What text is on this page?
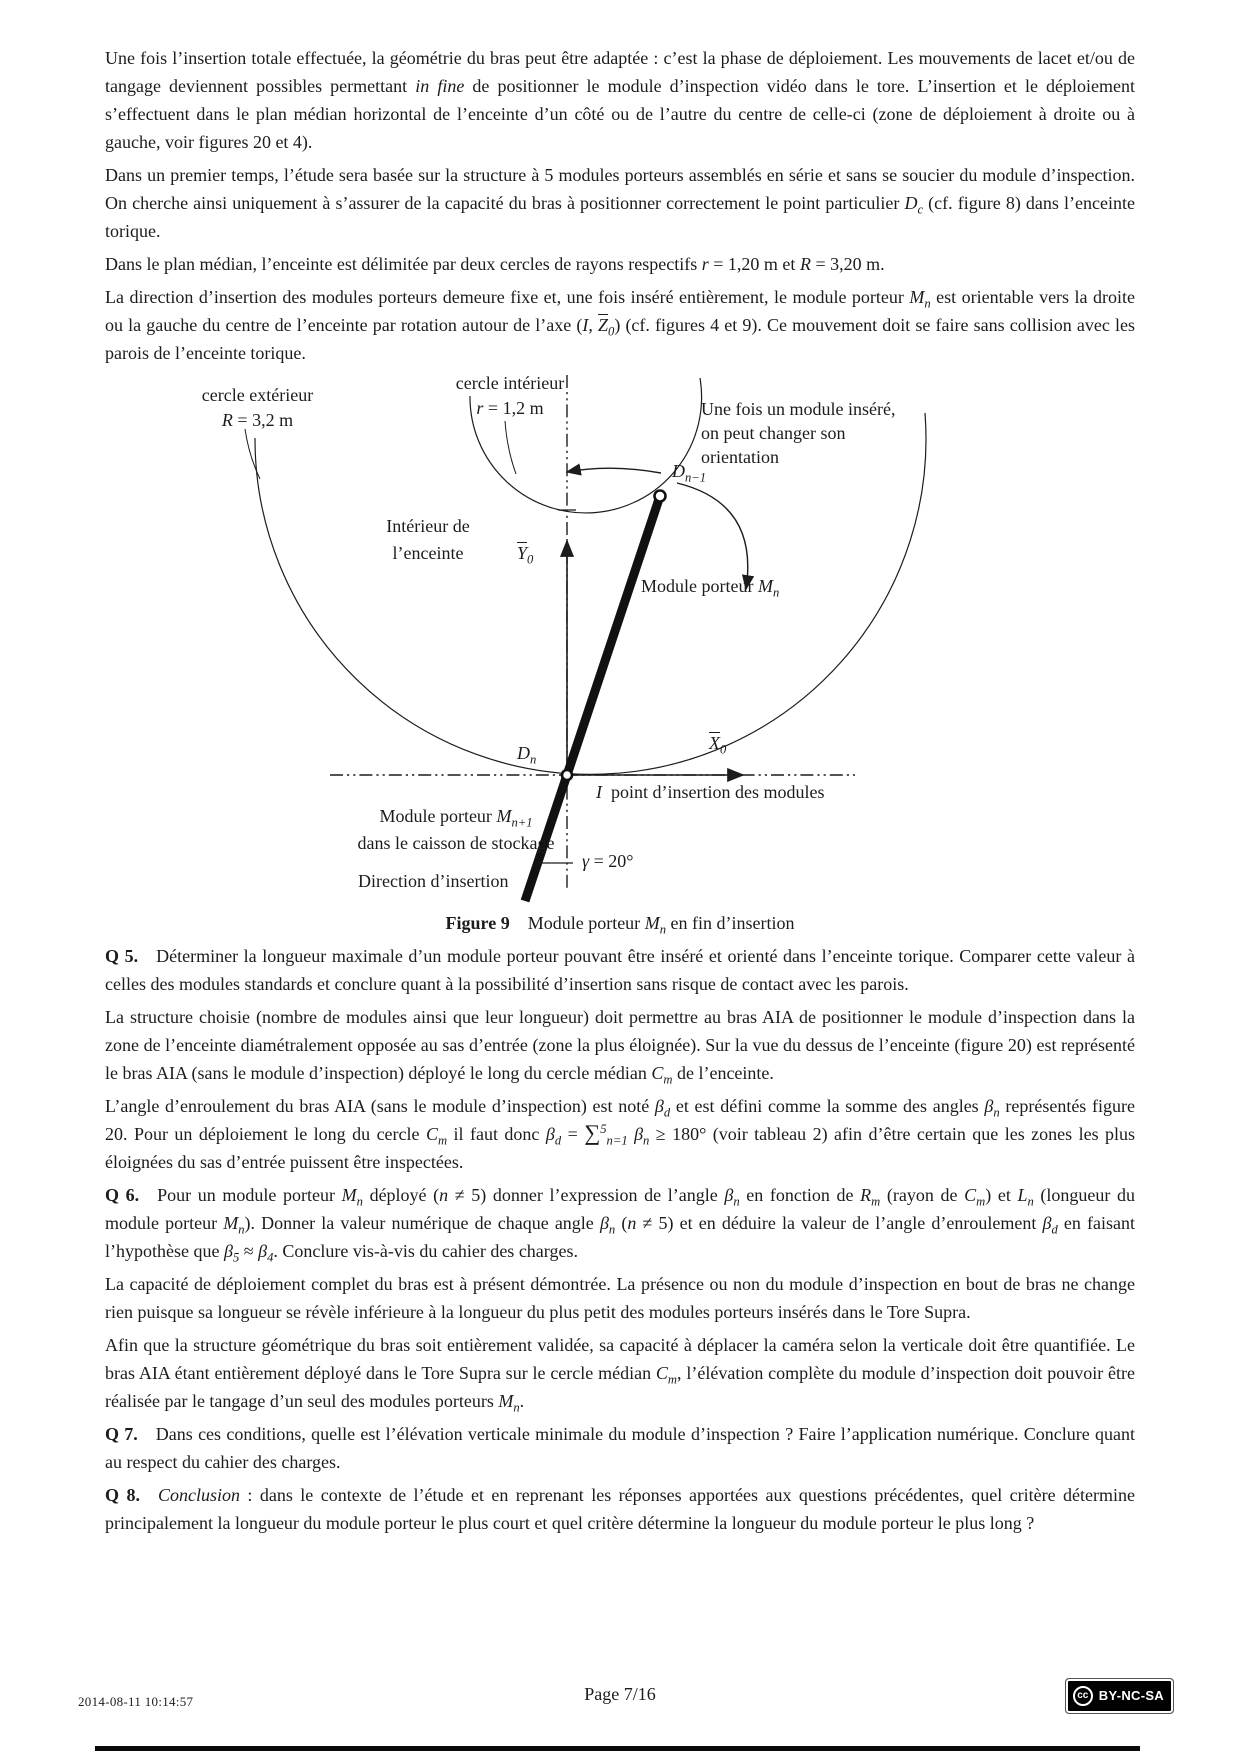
Une fois l’insertion totale effectuée, la géométrie du bras peut être adaptée : c’est la phase de déploiement. Les mouvements de lacet et/ou de tangage deviennent possibles permettant in fine de positionner le module d’inspection vidéo dans le tore. L’insertion et le déploiement s’effectuent dans le plan médian horizontal de l’enceinte d’un côté ou de l’autre du centre de celle-ci (zone de déploiement à droite ou à gauche, voir figures 20 et 4).

Dans un premier temps, l’étude sera basée sur la structure à 5 modules porteurs assemblés en série et sans se soucier du module d’inspection. On cherche ainsi uniquement à s’assurer de la capacité du bras à positionner correctement le point particulier $D_c$ (cf. figure 8) dans l’enceinte torique.

Dans le plan médian, l’enceinte est délimitée par deux cercles de rayons respectifs r = 1,20 m et R = 3,20 m.

La direction d’insertion des modules porteurs demeure fixe et, une fois inséré entièrement, le module porteur $M_n$ est orientable vers la droite ou la gauche du centre de l’enceinte par rotation autour de l’axe (I, $\overline{Z}_0$) (cf. figures 4 et 9). Ce mouvement doit se faire sans collision avec les parois de l’enceinte torique.

cercle extérieur
R = 3,2 m
cercle intérieur
r = 1,2 m	Une fois un module inséré, on peut changer son orientation
Intérieur de
l’enceinte
$D_{n-1}$
$\overline{Y}_0$
$\overline{X}_0$
Module porteur $M_n$
$D_n$
I point d’insertion des modules
Module porteur $M_{n+1}$
dans le caisson de stockage
γ = 20°
Direction d’insertion

Figure 9  Module porteur $M_n$ en fin d’insertion

Q 5. Déterminer la longueur maximale d’un module porteur pouvant être inséré et orienté dans l’enceinte torique. Comparer cette valeur à celles des modules standards et conclure quant à la possibilité d’insertion sans risque de contact avec les parois.

La structure choisie (nombre de modules ainsi que leur longueur) doit permettre au bras AIA de positionner le module d’inspection dans la zone de l’enceinte diamétralement opposée au sas d’entrée (zone la plus éloignée). Sur la vue du dessus de l’enceinte (figure 20) est représenté le bras AIA (sans le module d’inspection) déployé le long du cercle médian $C_m$ de l’enceinte.

L’angle d’enroulement du bras AIA (sans le module d’inspection) est noté $\beta_d$ et est défini comme la somme des angles $\beta_n$ représentés figure 20. Pour un déploiement le long du cercle $C_m$ il faut donc $\beta_d = \sum^5_{n=1}$ $\beta_n \ge 180^\circ$ (voir tableau 2) afin d’être certain que les zones les plus éloignées du sas d’entrée puissent être inspectées.

Q 6. Pour un module porteur $M_n$ déployé (n ≠ 5) donner l’expression de l’angle $\beta_n$ en fonction de $R_m$ (rayon de $C_m$) et $L_n$ (longueur du module porteur $M_n$). Donner la valeur numérique de chaque angle $\beta_n$ (n ≠ 5) et en déduire la valeur de l’angle d’enroulement $\beta_d$ en faisant l’hypothèse que $\beta_5 \approx \beta_4$. Conclure vis-à-vis du cahier des charges.

La capacité de déploiement complet du bras est à présent démontrée. La présence ou non du module d’inspection en bout de bras ne change rien puisque sa longueur se révèle inférieure à la longueur du plus petit des modules porteurs insérés dans le Tore Supra.

Afin que la structure géométrique du bras soit entièrement validée, sa capacité à déplacer la caméra selon la verticale doit être quantifiée. Le bras AIA étant entièrement déployé dans le Tore Supra sur le cercle médian $C_m$, l’élévation complète du module d’inspection doit pouvoir être réalisée par le tangage d’un seul des modules porteurs $M_n$.

Q 7. Dans ces conditions, quelle est l’élévation verticale minimale du module d’inspection ? Faire l’application numérique. Conclure quant au respect du cahier des charges.

Q 8.  Conclusion : dans le contexte de l’étude et en reprenant les réponses apportées aux questions précédentes, quel critère détermine principalement la longueur du module porteur le plus court et quel critère détermine la longueur du module porteur le plus long ?

2014-08-11 10:14:57	Page 7/16	cc BY-NC-SA
